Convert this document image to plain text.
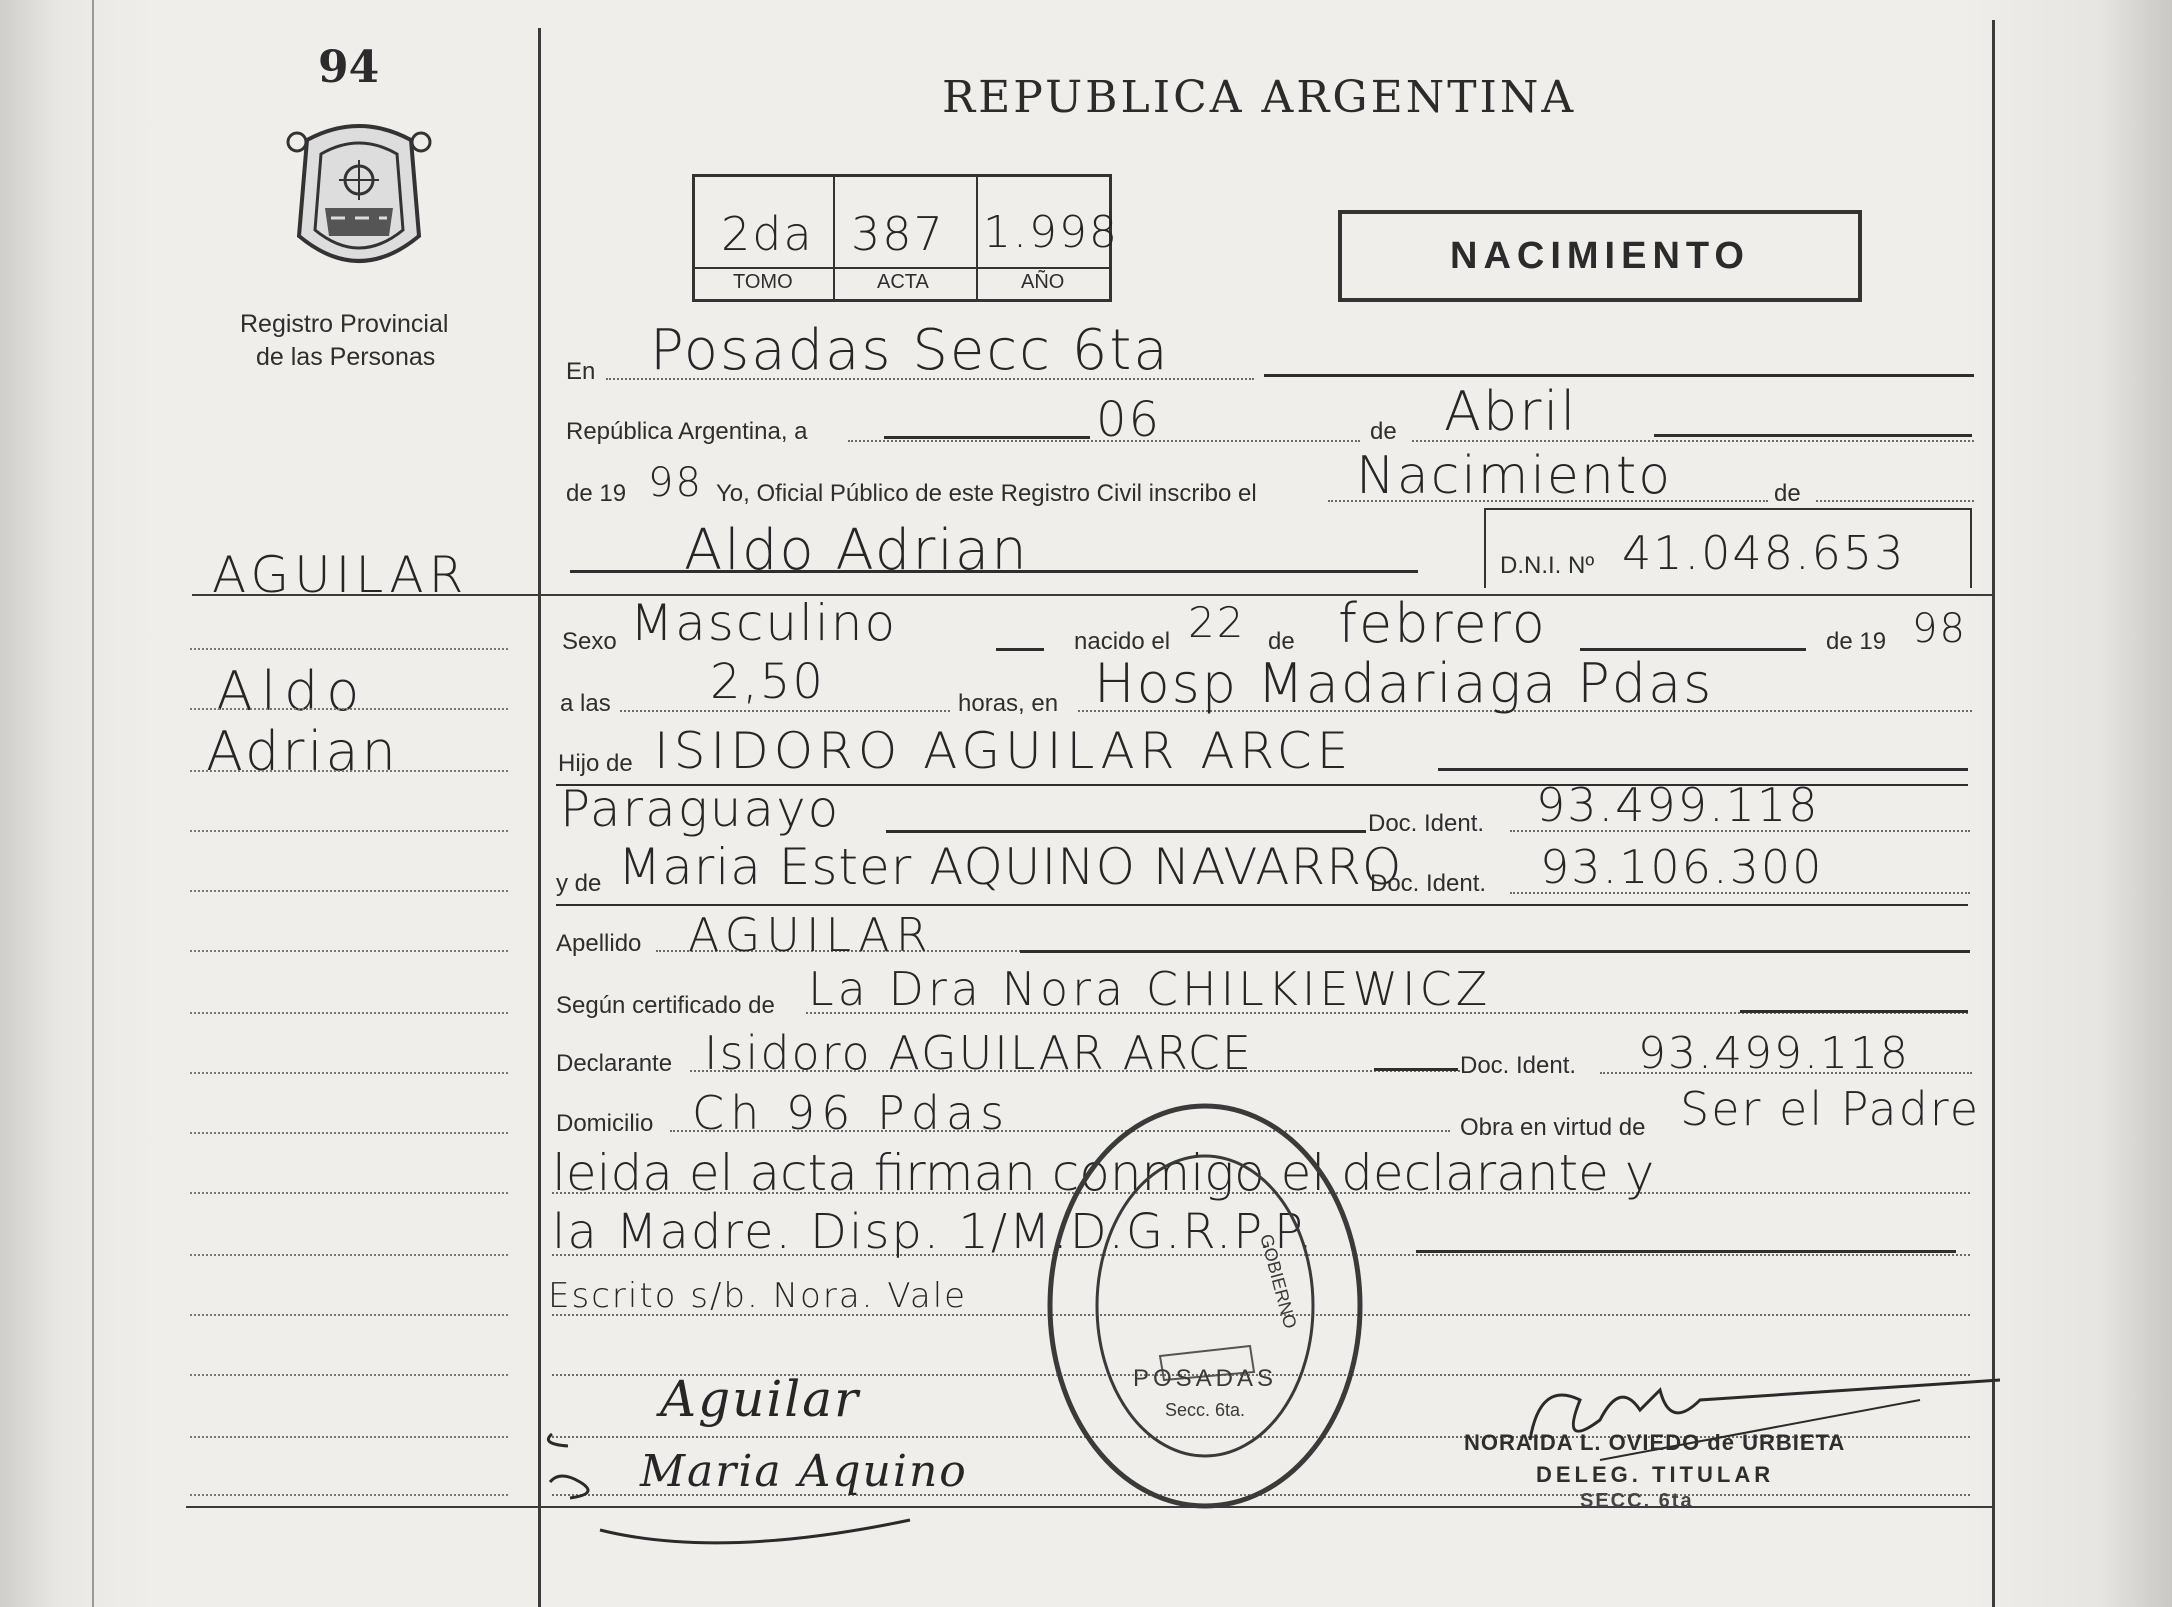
94
Registro Provincial
de las Personas
REPUBLICA ARGENTINA
2da 387 1.998
TOMO	ACTA	AÑO
NACIMIENTO
En Posadas Secc 6ta
República Argentina, a	06	de Abril
de 19 98 Yo, Oficial Público de este Registro Civil inscribo el Nacimiento	de
Aldo Adrian	D.N.I. Nº 41.048.653
AGUILAR
Aldo
Adrian
Sexo Masculino	nacido el 22 de febrero	de 19 98
a las 2,50	horas, en Hosp Madariaga Pdas
Hijo de ISIDORO AGUILAR ARCE
Paraguayo	Doc. Ident. 93.499.118
y de Maria Ester AQUINO NAVARRO
Doc. Ident. 93.106.300
Apellido AGUILAR
Según certificado de La Dra Nora CHILKIEWICZ
Declarante Isidoro AGUILAR ARCE	Doc. Ident. 93.499.118
Domicilio Ch 96 Pdas	Obra en virtud de Ser el Padre
leida el acta firman conmigo el declarante y
la Madre. Disp. 1/M.D.G.R.P.P.
Escrito s/b. Nora. Vale
POSADAS
Secc. 6ta.
GOBIERNO
NORAIDA L. OVIEDO de URBIETA
DELEG. TITULAR
SECC. 6ta
Aguilar
Maria Aquino
